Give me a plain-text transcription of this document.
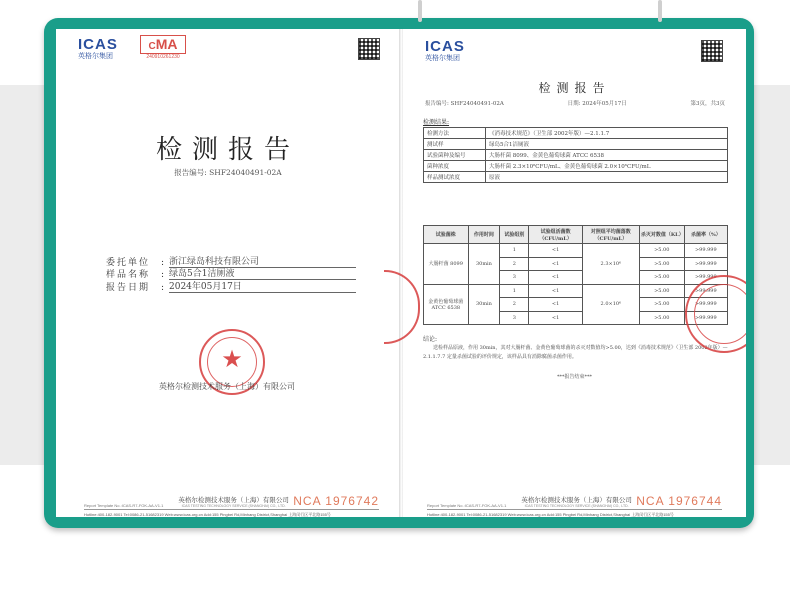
ICAS
英格尔集团
CMA
240910261230
检测报告
报告编号: SHF24040491-02A
委托单位	: 浙江绿岛科技有限公司
样品名称	: 绿岛5合1洁厕液
报告日期	: 2024年05月17日
★
英格尔检测技术服务（上海）有限公司
Report Template No.:ICAS-R7-FOK-AA-V1.1
英格尔检测技术服务（上海）有限公司
ICAS TESTING TECHNOLOGY SERVICE (SHANGHAI) CO., LTD. NCA 1976742
Hotline:400-182-9001 Tel:0086-21-51682319 Web:www.icas.org.cn Add:155 Pingbei Rd,Minhang District,Shanghai 上海闵行区平北路155号
ICAS
英格尔集团
检测报告
报告编号: SHF24040491-02A	日期: 2024年05月17日	第3页，共3页
检测结果:
检测方法	《消毒技术规范》（卫生部 2002年版）—2.1.1.7
测试样	绿岛5合1洁厕液
试验菌种及编号	大肠杆菌 8099、金黄色葡萄球菌 ATCC 6538
菌种浓度	大肠杆菌 2.3×10⁶CFU/mL、金黄色葡萄球菌 2.0×10⁶CFU/mL
样品测试浓度	原液
试验菌株	作用时间	试验组别	试验组活菌数（CFU/mL）	对照组平均菌落数（CFU/mL）	杀灭对数值（KL）	杀菌率（%）
大肠杆菌 8099	30min	1	<1	2.3×10⁶	>5.00	>99.999
		2	<1		>5.00	>99.999
		3	<1		>5.00	>99.999
金黄色葡萄球菌 ATCC 6538	30min	1	<1	2.0×10⁶	>5.00	>99.999
		2	<1		>5.00	>99.999
		3	<1		>5.00	>99.999
结论:
送检样品原液，作用 30min，其对大肠杆菌、金黄色葡萄球菌的杀灭对数值均>5.00，达到《消毒技术规范》（卫生部 2002年版）—2.1.1.7.7 定量杀菌试验的评价规定，该样品具有消除腐菌杀菌作用。
***报告结束***
Report Template No.:ICAS-R7-FOK-AA-V1.1
英格尔检测技术服务（上海）有限公司
ICAS TESTING TECHNOLOGY SERVICE (SHANGHAI) CO., LTD. NCA 1976744
Hotline:400-182-9001 Tel:0086-21-51682319 Web:www.icas.org.cn Add:155 Pingbei Rd,Minhang District,Shanghai 上海闵行区平北路155号
